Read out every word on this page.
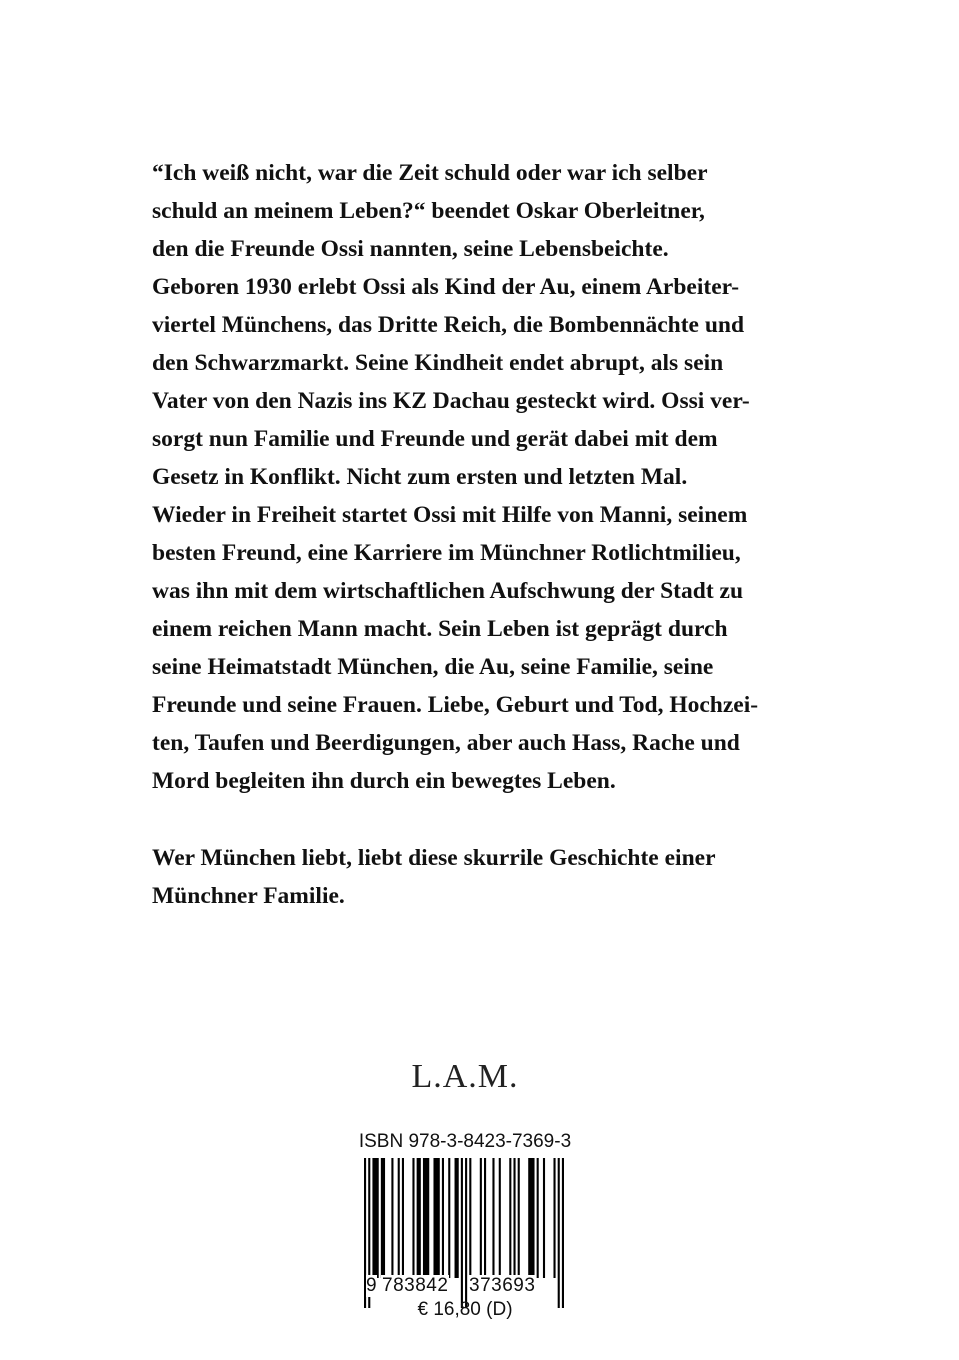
“Ich weiß nicht, war die Zeit schuld oder war ich selber
schuld an meinem Leben?“ beendet Oskar Oberleitner,
den die Freunde Ossi nannten, seine Lebensbeichte.
Geboren 1930 erlebt Ossi als Kind der Au, einem Arbeiter-
viertel Münchens, das Dritte Reich, die Bombennächte und
den Schwarzmarkt. Seine Kindheit endet abrupt, als sein
Vater von den Nazis ins KZ Dachau gesteckt wird. Ossi ver-
sorgt nun Familie und Freunde und gerät dabei mit dem
Gesetz in Konflikt. Nicht zum ersten und letzten Mal.
Wieder in Freiheit startet Ossi mit Hilfe von Manni, seinem
besten Freund, eine Karriere im Münchner Rotlichtmilieu,
was ihn mit dem wirtschaftlichen Aufschwung der Stadt zu
einem reichen Mann macht. Sein Leben ist geprägt durch
seine Heimatstadt München, die Au, seine Familie, seine
Freunde und seine Frauen. Liebe, Geburt und Tod, Hochzei-
ten, Taufen und Beerdigungen, aber auch Hass, Rache und
Mord begleiten ihn durch ein bewegtes Leben.
Wer München liebt, liebt diese skurrile Geschichte einer
Münchner Familie.
L.A.M.
ISBN 978-3-8423-7369-3
9 783842 373693
€ 16,80 (D)
